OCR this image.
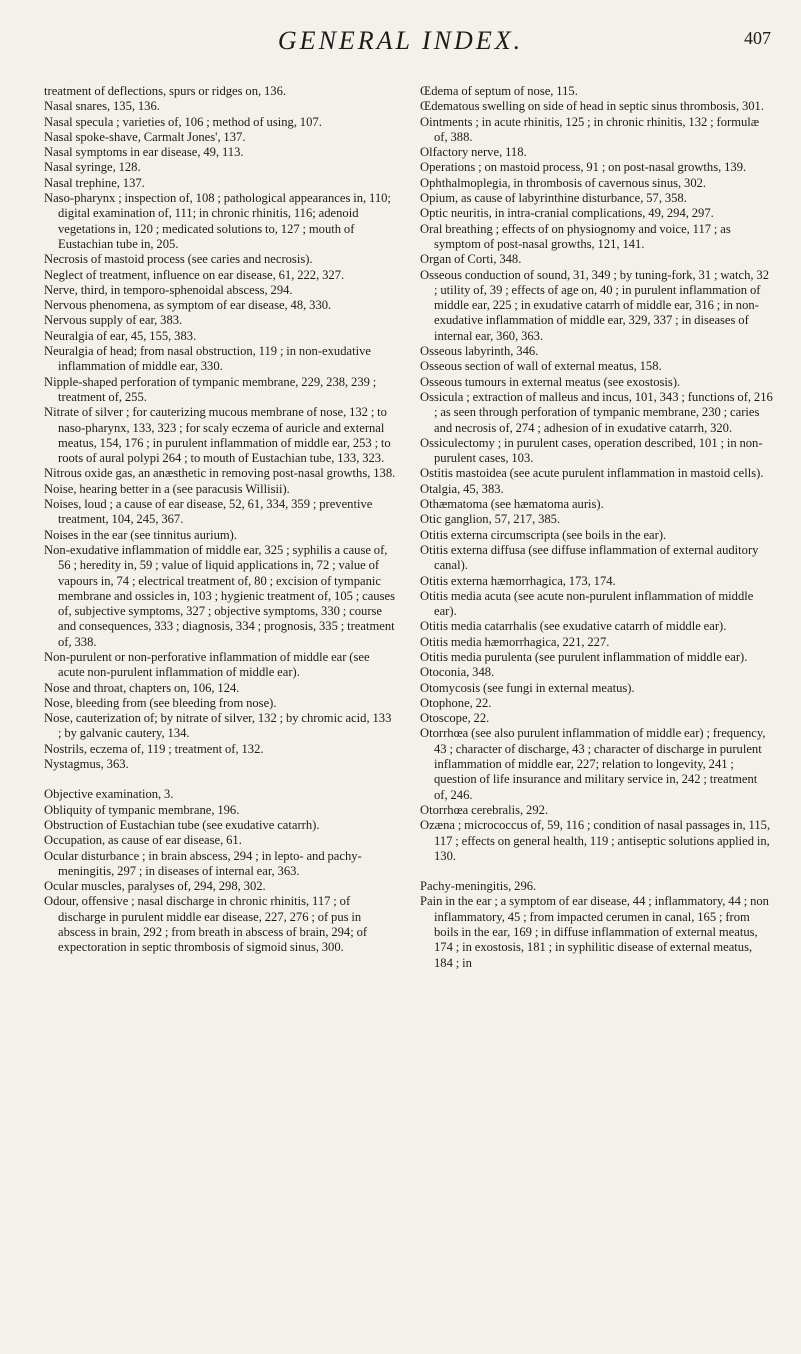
GENERAL INDEX.	407

treatment of deflections, spurs or ridges on, 136.

Nasal snares, 135, 136.

Nasal specula ; varieties of, 106 ; method of using, 107.

Nasal spoke-shave, Carmalt Jones', 137.

Nasal symptoms in ear disease, 49, 113.

Nasal syringe, 128.

Nasal trephine, 137.

Naso-pharynx ; inspection of, 108 ; pathological appearances in, 110; digital examination of, 111; in chronic rhinitis, 116; adenoid vegetations in, 120 ; medicated solutions to, 127 ; mouth of Eustachian tube in, 205.

Necrosis of mastoid process (see caries and necrosis).

Neglect of treatment, influence on ear disease, 61, 222, 327.

Nerve, third, in temporo-sphenoidal abscess, 294.

Nervous phenomena, as symptom of ear disease, 48, 330.

Nervous supply of ear, 383.

Neuralgia of ear, 45, 155, 383.

Neuralgia of head; from nasal obstruction, 119 ; in non-exudative inflammation of middle ear, 330.

Nipple-shaped perforation of tympanic membrane, 229, 238, 239 ; treatment of, 255.

Nitrate of silver ; for cauterizing mucous membrane of nose, 132 ; to naso-pharynx, 133, 323 ; for scaly eczema of auricle and external meatus, 154, 176 ; in purulent inflammation of middle ear, 253 ; to roots of aural polypi 264 ; to mouth of Eustachian tube, 133, 323.

Nitrous oxide gas, an anæsthetic in removing post-nasal growths, 138.

Noise, hearing better in a (see paracusis Willisii).

Noises, loud ; a cause of ear disease, 52, 61, 334, 359 ; preventive treatment, 104, 245, 367.

Noises in the ear (see tinnitus aurium).

Non-exudative inflammation of middle ear, 325 ; syphilis a cause of, 56 ; heredity in, 59 ; value of liquid applications in, 72 ; value of vapours in, 74 ; electrical treatment of, 80 ; excision of tympanic membrane and ossicles in, 103 ; hygienic treatment of, 105 ; causes of, subjective symptoms, 327 ; objective symptoms, 330 ; course and consequences, 333 ; diagnosis, 334 ; prognosis, 335 ; treatment of, 338.

Non-purulent or non-perforative inflammation of middle ear (see acute non-purulent inflammation of middle ear).

Nose and throat, chapters on, 106, 124.

Nose, bleeding from (see bleeding from nose).

Nose, cauterization of; by nitrate of silver, 132 ; by chromic acid, 133 ; by galvanic cautery, 134.

Nostrils, eczema of, 119 ; treatment of, 132.

Nystagmus, 363.

Objective examination, 3.

Obliquity of tympanic membrane, 196.

Obstruction of Eustachian tube (see exudative catarrh).

Occupation, as cause of ear disease, 61.

Ocular disturbance ; in brain abscess, 294 ; in lepto- and pachy-meningitis, 297 ; in diseases of internal ear, 363.

Ocular muscles, paralyses of, 294, 298, 302.

Odour, offensive ; nasal discharge in chronic rhinitis, 117 ; of discharge in purulent middle ear disease, 227, 276 ; of pus in abscess in brain, 292 ; from breath in abscess of brain, 294; of expectoration in septic thrombosis of sigmoid sinus, 300.

Œdema of septum of nose, 115.

Œdematous swelling on side of head in septic sinus thrombosis, 301.

Ointments ; in acute rhinitis, 125 ; in chronic rhinitis, 132 ; formulæ of, 388.

Olfactory nerve, 118.

Operations ; on mastoid process, 91 ; on post-nasal growths, 139.

Ophthalmoplegia, in thrombosis of cavernous sinus, 302.

Opium, as cause of labyrinthine disturbance, 57, 358.

Optic neuritis, in intra-cranial complications, 49, 294, 297.

Oral breathing ; effects of on physiognomy and voice, 117 ; as symptom of post-nasal growths, 121, 141.

Organ of Corti, 348.

Osseous conduction of sound, 31, 349 ; by tuning-fork, 31 ; watch, 32 ; utility of, 39 ; effects of age on, 40 ; in purulent inflammation of middle ear, 225 ; in exudative catarrh of middle ear, 316 ; in non-exudative inflammation of middle ear, 329, 337 ; in diseases of internal ear, 360, 363.

Osseous labyrinth, 346.

Osseous section of wall of external meatus, 158.

Osseous tumours in external meatus (see exostosis).

Ossicula ; extraction of malleus and incus, 101, 343 ; functions of, 216 ; as seen through perforation of tympanic membrane, 230 ; caries and necrosis of, 274 ; adhesion of in exudative catarrh, 320.

Ossiculectomy ; in purulent cases, operation described, 101 ; in non-purulent cases, 103.

Ostitis mastoidea (see acute purulent inflammation in mastoid cells).

Otalgia, 45, 383.

Othæmatoma (see hæmatoma auris).

Otic ganglion, 57, 217, 385.

Otitis externa circumscripta (see boils in the ear).

Otitis externa diffusa (see diffuse inflammation of external auditory canal).

Otitis externa hæmorrhagica, 173, 174.

Otitis media acuta (see acute non-purulent inflammation of middle ear).

Otitis media catarrhalis (see exudative catarrh of middle ear).

Otitis media hæmorrhagica, 221, 227.

Otitis media purulenta (see purulent inflammation of middle ear).

Otoconia, 348.

Otomycosis (see fungi in external meatus).

Otophone, 22.

Otoscope, 22.

Otorrhœa (see also purulent inflammation of middle ear) ; frequency, 43 ; character of discharge, 43 ; character of discharge in purulent inflammation of middle ear, 227; relation to longevity, 241 ; question of life insurance and military service in, 242 ; treatment of, 246.

Otorrhœa cerebralis, 292.

Ozæna ; micrococcus of, 59, 116 ; condition of nasal passages in, 115, 117 ; effects on general health, 119 ; antiseptic solutions applied in, 130.

Pachy-meningitis, 296.

Pain in the ear ; a symptom of ear disease, 44 ; inflammatory, 44 ; non inflammatory, 45 ; from impacted cerumen in canal, 165 ; from boils in the ear, 169 ; in diffuse inflammation of external meatus, 174 ; in exostosis, 181 ; in syphilitic disease of external meatus, 184 ; in
